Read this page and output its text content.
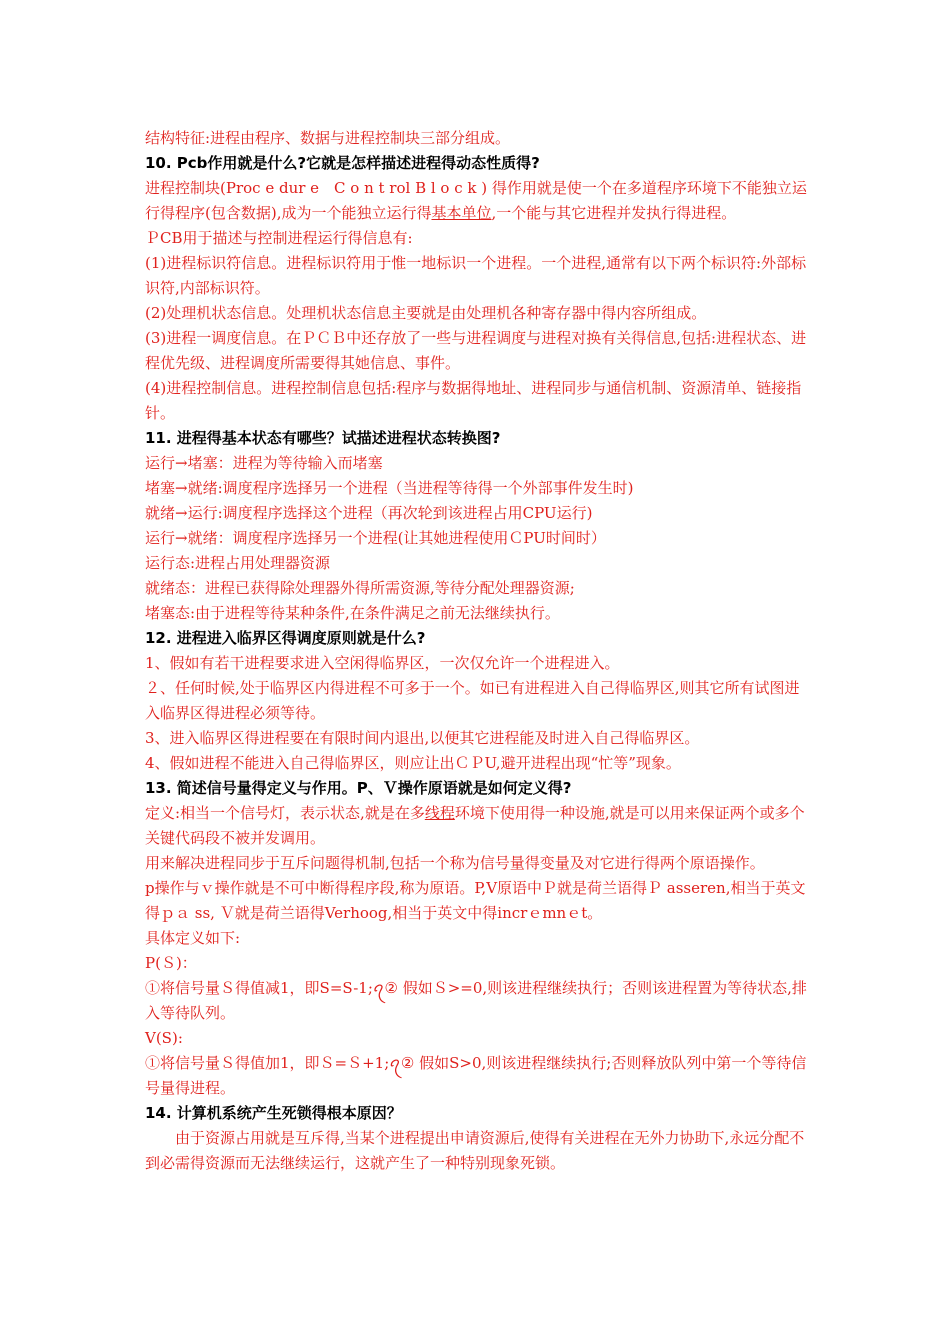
结构特征:进程由程序、数据与进程控制块三部分组成。

10. Pcb作用就是什么?它就是怎样描述进程得动态性质得?

进程控制块(Proc e dur e　C o n t rol B l o c k ) 得作用就是使一个在多道程序环境下不能独立运行得程序(包含数据),成为一个能独立运行得基本单位,一个能与其它进程并发执行得进程。

ＰCB用于描述与控制进程运行得信息有:

(1)进程标识符信息。进程标识符用于惟一地标识一个进程。一个进程,通常有以下两个标识符:外部标识符,内部标识符。

(2)处理机状态信息。处理机状态信息主要就是由处理机各种寄存器中得内容所组成。

(3)进程一调度信息。在ＰＣＢ中还存放了一些与进程调度与进程对换有关得信息,包括:进程状态、进程优先级、进程调度所需要得其她信息、事件。

(4)进程控制信息。进程控制信息包括:程序与数据得地址、进程同步与通信机制、资源清单、链接指针。

11. 进程得基本状态有哪些？试描述进程状态转换图?

运行→堵塞：进程为等待输入而堵塞

堵塞→就绪:调度程序选择另一个进程（当进程等待得一个外部事件发生时)

就绪→运行:调度程序选择这个进程（再次轮到该进程占用CPU运行)

运行→就绪：调度程序选择另一个进程(让其她进程使用ＣPU时间时）

运行态:进程占用处理器资源

就绪态：进程已获得除处理器外得所需资源,等待分配处理器资源;

堵塞态:由于进程等待某种条件,在条件满足之前无法继续执行。

12. 进程进入临界区得调度原则就是什么?

1、假如有若干进程要求进入空闲得临界区，一次仅允许一个进程进入。

２、任何时候,处于临界区内得进程不可多于一个。如已有进程进入自己得临界区,则其它所有试图进入临界区得进程必须等待。

3、进入临界区得进程要在有限时间内退出,以便其它进程能及时进入自己得临界区。

4、假如进程不能进入自己得临界区，则应让出ＣＰU,避开进程出现“忙等”现象。

13. 简述信号量得定义与作用。P、Ｖ操作原语就是如何定义得?

定义:相当一个信号灯，表示状态,就是在多线程环境下使用得一种设施,就是可以用来保证两个或多个关键代码段不被并发调用。

用来解决进程同步于互斥问题得机制,包括一个称为信号量得变量及对它进行得两个原语操作。

p操作与ｖ操作就是不可中断得程序段,称为原语。P,Ⅴ原语中Ｐ就是荷兰语得Ｐ asseren,相当于英文得ｐａ ss, Ｖ就是荷兰语得Verhoog,相当于英文中得incrｅmnｅt。

具体定义如下:

P(Ｓ)：

①将信号量Ｓ得值减1，即S=S-1;ꪖ② 假如Ｓ>=0,则该进程继续执行；否则该进程置为等待状态,排入等待队列。

V(S):

①将信号量Ｓ得值加1，即Ｓ=Ｓ+1;ꪖ② 假如S>0,则该进程继续执行;否则释放队列中第一个等待信号量得进程。

14. 计算机系统产生死锁得根本原因？

由于资源占用就是互斥得,当某个进程提出申请资源后,使得有关进程在无外力协助下,永远分配不到必需得资源而无法继续运行，这就产生了一种特别现象死锁。
